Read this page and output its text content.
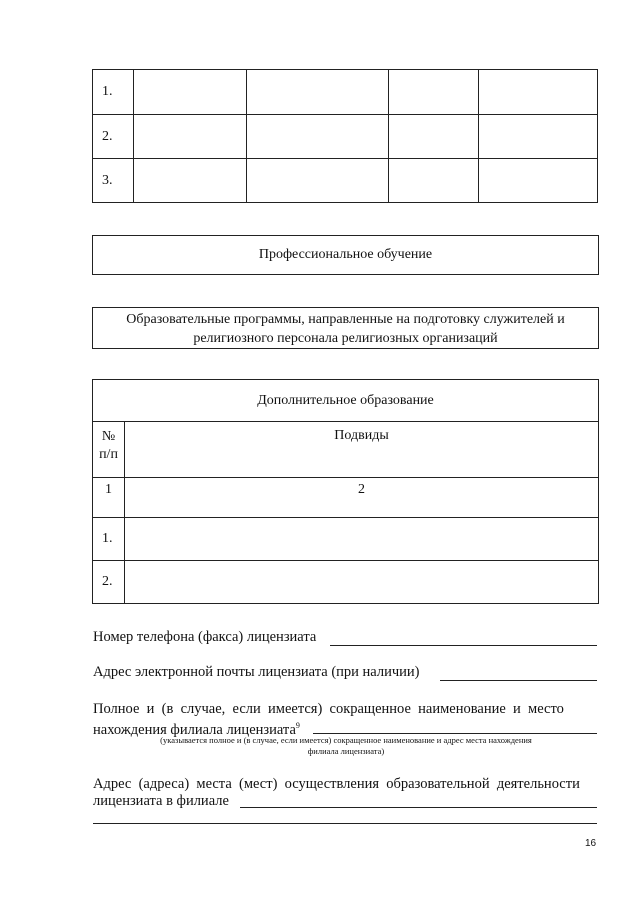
1.				
2.				
3.				
Профессиональное обучение
Образовательные программы, направленные на подготовку служителей и
религиозного персонала религиозных организаций
Дополнительное образование	

№
п/п	Подвиды
1	2
1.	
2.	
Номер телефона (факса) лицензиата
Адрес электронной почты лицензиата (при наличии)
Полное  и  (в  случае,  если  имеется)  сокращенное  наименование  и  место
нахождения филиала лицензиата$^9$
(указывается полное и (в случае, если имеется) сокращенное наименование и адрес места нахождения
филиала лицензиата)
Адрес  (адреса)  места  (мест)  осуществления  образовательной  деятельности
лицензиата в филиале
16
